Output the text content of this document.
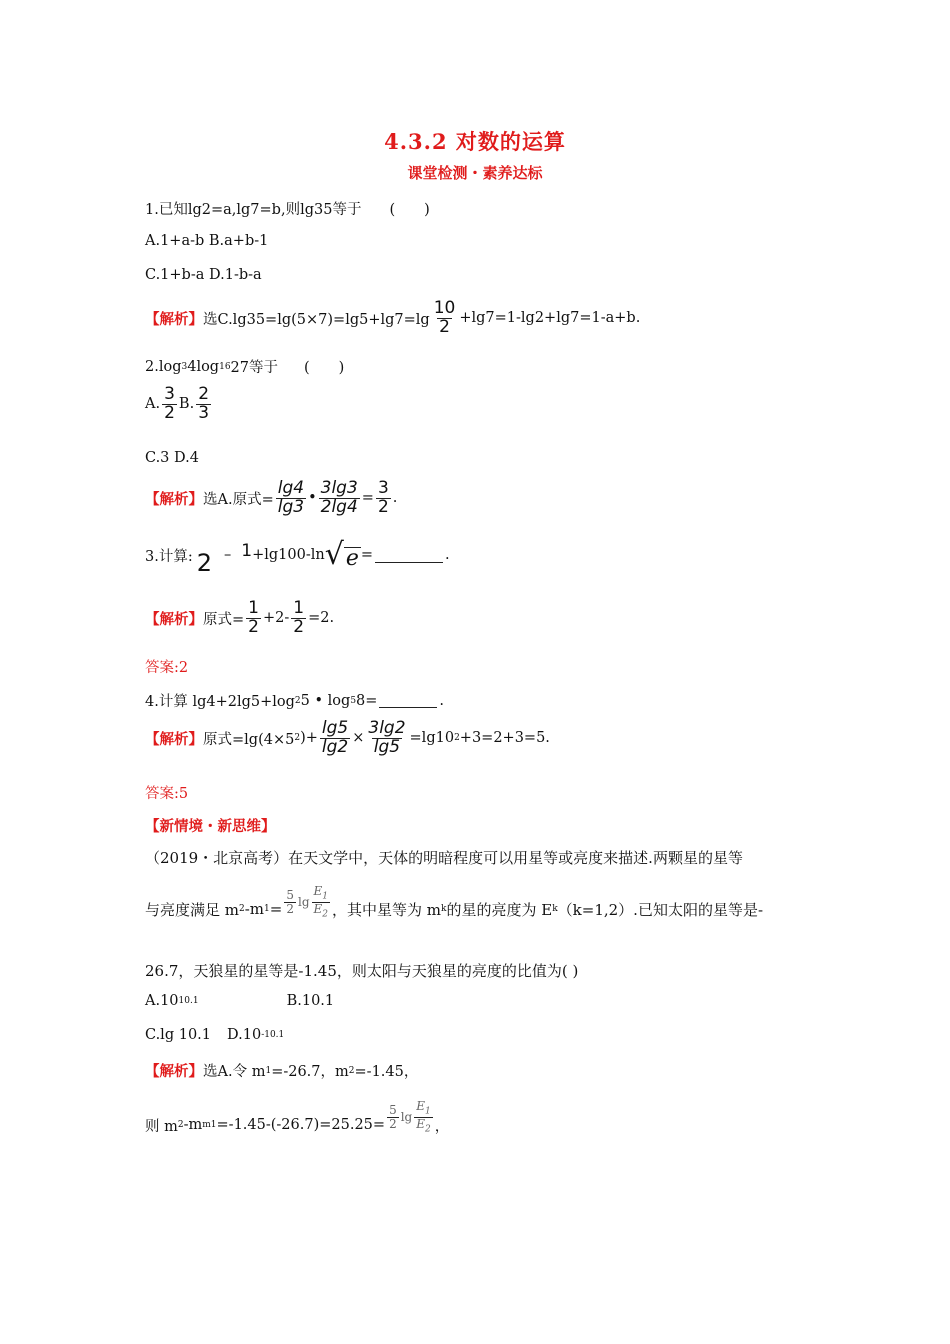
4.3.2 对数的运算
课堂检测・素养达标
1.已知lg2=a,lg7=b,则lg35等于 (　　)
A.1+a-b B.a+b-1
C.1+b-a D.1-b-a
【解析】 选$C.\lg 35=\lg(5\times 7)=\lg 5+\lg 7=\lg \frac{10}{2} +\lg 7=1-\lg 2+\lg 7=1-a+b$.
2.log 3 4log 16 27等于 (　　)
A. $\frac{3}{2} B$. $\frac{2}{3}$
C.3 D.4
【解析】 选A.原式= $\frac{\lg 4}{\lg 3}$ • $\frac{3\lg 3}{2\lg 4} = \frac{3}{2}$ .
3.计算: 2 – 1 +lg100-ln √ e =	.
【解析】 原式= $\frac{1}{2} +2- \frac{1}{2} =2$.
答案:2
4.计算 lg4+2lg5+log 2 5 • log 5 8=	.
【解析】 原式=lg(4×5 2 )+ $\frac{\lg 5}{\lg 2} \times \frac{3\lg 2}{\lg 5} =\lg 10$ 2 +3=2+3=5.
答案:5
【新情境・新思维】
（2019・北京高考）在天文学中，天体的明暗程度可以用星等或亮度来描述.两颗星的星等
与亮度满足 m 2 -m $1 = \frac{5}{2}$ $\lg \frac{E_1}{E_2}$ ，其中星等为 m k 的星的亮度为 E k （k=1,2）.已知太阳的星等是-
26.7，天狼星的星等是-1.45，则太阳与天狼星的亮度的比值为( )
A.10 10.1	B.10.1
C.lg 10.1 D.10 -10.1
【解析】 选A.令 m 1 =-26.7，m 2 =-1.45，
则 m 2 -m $m1 =-1.45-(-26.7)=25.25= \frac{5}{2}$ $\lg \frac{E_1}{E_2}$ ，
